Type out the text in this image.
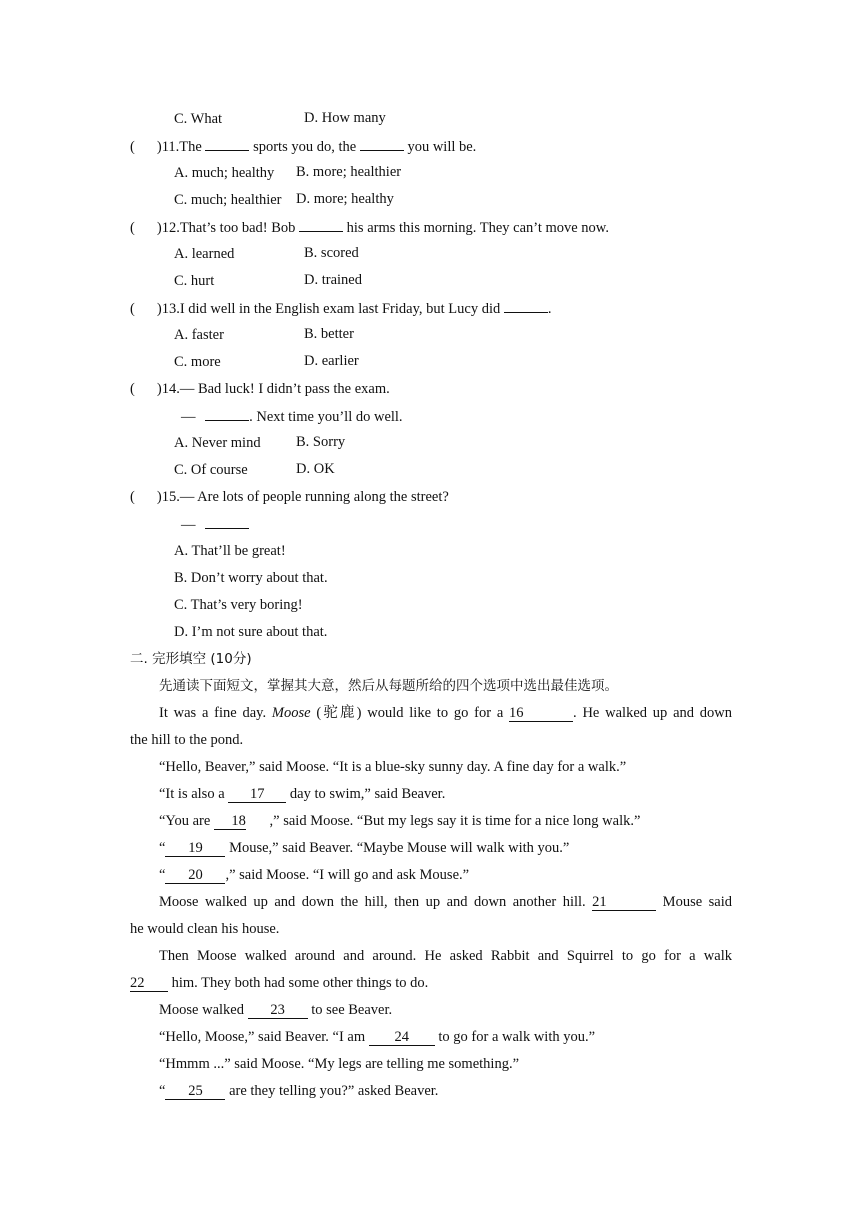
C. What	D. How many
( )11.The	sports you do, the	you will be.
A. much; healthy B. more; healthier
C. much; healthier D. more; healthy
( )12.That’s too bad! Bob	his arms this morning. They can’t move now.
A. learned	B. scored
C. hurt	D. trained
( )13.I did well in the English exam last Friday, but Lucy did	.
A. faster	B. better
C. more	D. earlier
( )14.— Bad luck! I didn’t pass the exam.
—	. Next time you’ll do well.
A. Never mind B. Sorry
C. Of course	D. OK
( )15.— Are lots of people running along the street?
—
A. That’ll be great!
B. Don’t worry about that.
C. That’s very boring!
D. I’m not sure about that.
二. 完形填空 (10分)
先通读下面短文，掌握其大意，然后从每题所给的四个选项中选出最佳选项。
It was a fine day. Moose (驼鹿) would like to go for a 16	. He walked up and down
the hill to the pond.
“Hello, Beaver,” said Moose. “It is a blue-sky sunny day. A fine day for a walk.”
“It is also a 17 day to swim,” said Beaver.
“You are 18 ,” said Moose. “But my legs say it is time for a nice long walk.”
“ 19 Mouse,” said Beaver. “Maybe Mouse will walk with you.”
“ 20 ,” said Moose. “I will go and ask Mouse.”
Moose walked up and down the hill, then up and down another hill. 21	Mouse said
he would clean his house.
Then Moose walked around and around. He asked Rabbit and Squirrel to go for a walk
22 him. They both had some other things to do.
Moose walked 23 to see Beaver.
“Hello, Moose,” said Beaver. “I am 24 to go for a walk with you.”
“Hmmm ...” said Moose. “My legs are telling me something.”
“ 25 are they telling you?” asked Beaver.
